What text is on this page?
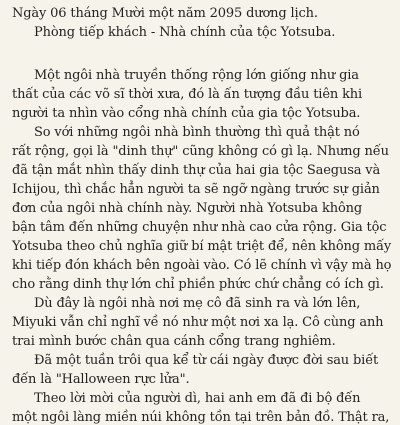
Ngày 06 tháng Mười một năm 2095 dương lịch.

Phòng tiếp khách - Nhà chính của tộc Yotsuba.

Một ngôi nhà truyền thống rộng lớn giống như gia

thất của các võ sĩ thời xưa, đó là ấn tượng đầu tiên khi

người ta nhìn vào cổng nhà chính của gia tộc Yotsuba.

So với những ngôi nhà bình thường thì quả thật nó

rất rộng, gọi là "dinh thự" cũng không có gì lạ. Nhưng nếu

đã tận mắt nhìn thấy dinh thự của hai gia tộc Saegusa và

Ichijou, thì chắc hẳn người ta sẽ ngỡ ngàng trước sự giản

đơn của ngôi nhà chính này. Người nhà Yotsuba không

bận tâm đến những chuyện như nhà cao cửa rộng. Gia tộc

Yotsuba theo chủ nghĩa giữ bí mật triệt để, nên không mấy

khi tiếp đón khách bên ngoài vào. Có lẽ chính vì vậy mà họ

cho rằng dinh thự lớn chỉ phiền phức chứ chẳng có ích gì.

Dù đây là ngôi nhà nơi mẹ cô đã sinh ra và lớn lên,

Miyuki vẫn chỉ nghĩ về nó như một nơi xa lạ. Cô cùng anh

trai mình bước chân qua cánh cổng trang nghiêm.

Đã một tuần trôi qua kể từ cái ngày được đời sau biết

đến là "Halloween rực lửa".

Theo lời mời của người dì, hai anh em đã đi bộ đến

một ngôi làng miền núi không tồn tại trên bản đồ. Thật ra,
